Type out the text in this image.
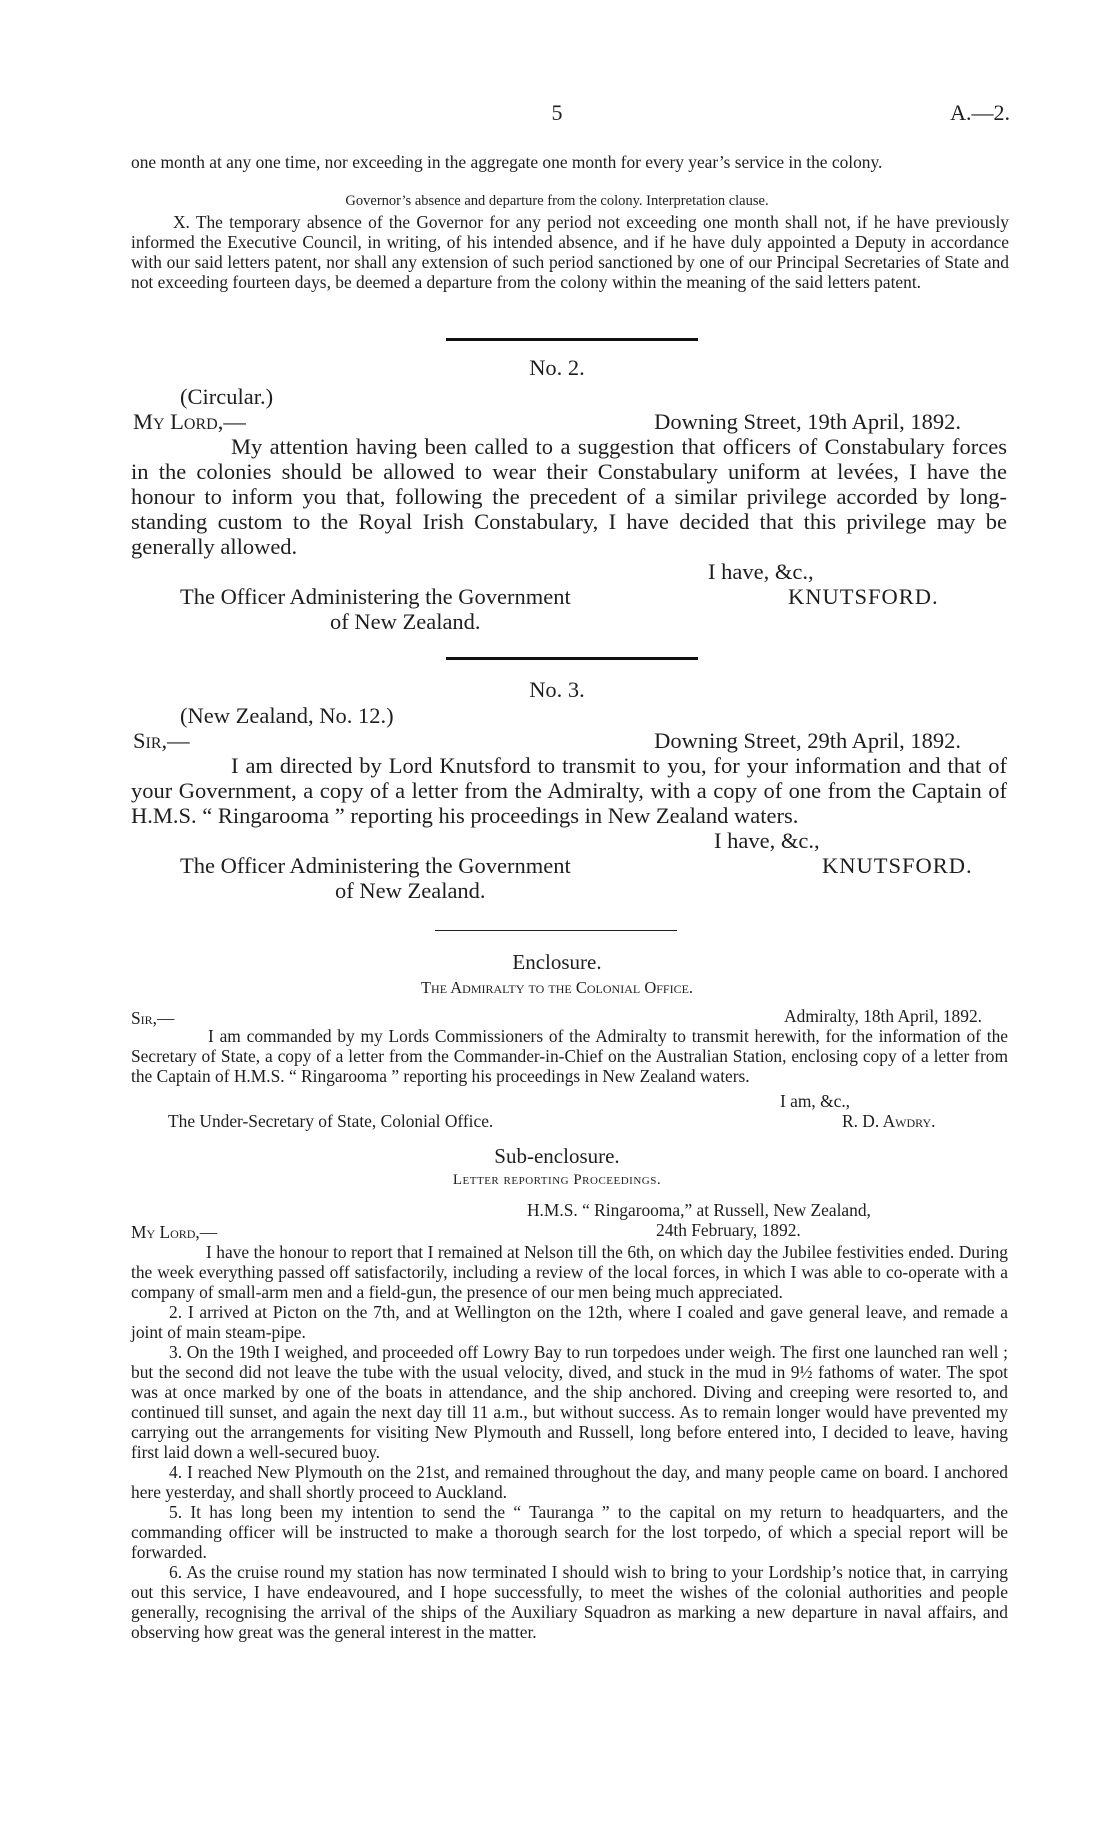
5	A.—2.

one month at any one time, nor exceeding in the aggregate one month for every year’s service in the colony.

Governor’s absence and departure from the colony. Interpretation clause.

X. The temporary absence of the Governor for any period not exceeding one month shall not, if he have previously informed the Executive Council, in writing, of his intended absence, and if he have duly appointed a Deputy in accordance with our said letters patent, nor shall any extension of such period sanctioned by one of our Principal Secretaries of State and not exceeding fourteen days, be deemed a departure from the colony within the meaning of the said letters patent.

No. 2.
(Circular.)
My Lord,—	Downing Street, 19th April, 1892.

My attention having been called to a suggestion that officers of Constabulary forces in the colonies should be allowed to wear their Constabulary uniform at levées, I have the honour to inform you that, following the precedent of a similar privilege accorded by long-standing custom to the Royal Irish Constabulary, I have decided that this privilege may be generally allowed.

I have, &c.,
The Officer Administering the Government	KNUTSFORD.
of New Zealand.
No. 3.
(New Zealand, No. 12.)
Sir,—	Downing Street, 29th April, 1892.

I am directed by Lord Knutsford to transmit to you, for your information and that of your Government, a copy of a letter from the Admiralty, with a copy of one from the Captain of H.M.S. “ Ringarooma ” reporting his proceedings in New Zealand waters.

I have, &c.,
The Officer Administering the Government	KNUTSFORD.
of New Zealand.
Enclosure.
The Admiralty to the Colonial Office.
Sir,—	Admiralty, 18th April, 1892.

I am commanded by my Lords Commissioners of the Admiralty to transmit herewith, for the information of the Secretary of State, a copy of a letter from the Commander-in-Chief on the Australian Station, enclosing copy of a letter from the Captain of H.M.S. “ Ringarooma ” reporting his proceedings in New Zealand waters.

I am, &c.,
The Under-Secretary of State, Colonial Office.	R. D. Awdry.
Sub-enclosure.
Letter reporting Proceedings.
H.M.S. “ Ringarooma,” at Russell, New Zealand,
24th February, 1892.
My Lord,—

I have the honour to report that I remained at Nelson till the 6th, on which day the Jubilee festivities ended. During the week everything passed off satisfactorily, including a review of the local forces, in which I was able to co-operate with a company of small-arm men and a field-gun, the presence of our men being much appreciated.

2. I arrived at Picton on the 7th, and at Wellington on the 12th, where I coaled and gave general leave, and remade a joint of main steam-pipe.

3. On the 19th I weighed, and proceeded off Lowry Bay to run torpedoes under weigh. The first one launched ran well ; but the second did not leave the tube with the usual velocity, dived, and stuck in the mud in 9½ fathoms of water. The spot was at once marked by one of the boats in attendance, and the ship anchored. Diving and creeping were resorted to, and continued till sunset, and again the next day till 11 a.m., but without success. As to remain longer would have prevented my carrying out the arrangements for visiting New Plymouth and Russell, long before entered into, I decided to leave, having first laid down a well-secured buoy.

4. I reached New Plymouth on the 21st, and remained throughout the day, and many people came on board. I anchored here yesterday, and shall shortly proceed to Auckland.

5. It has long been my intention to send the “ Tauranga ” to the capital on my return to headquarters, and the commanding officer will be instructed to make a thorough search for the lost torpedo, of which a special report will be forwarded.

6. As the cruise round my station has now terminated I should wish to bring to your Lordship’s notice that, in carrying out this service, I have endeavoured, and I hope successfully, to meet the wishes of the colonial authorities and people generally, recognising the arrival of the ships of the Auxiliary Squadron as marking a new departure in naval affairs, and observing how great was the general interest in the matter.
